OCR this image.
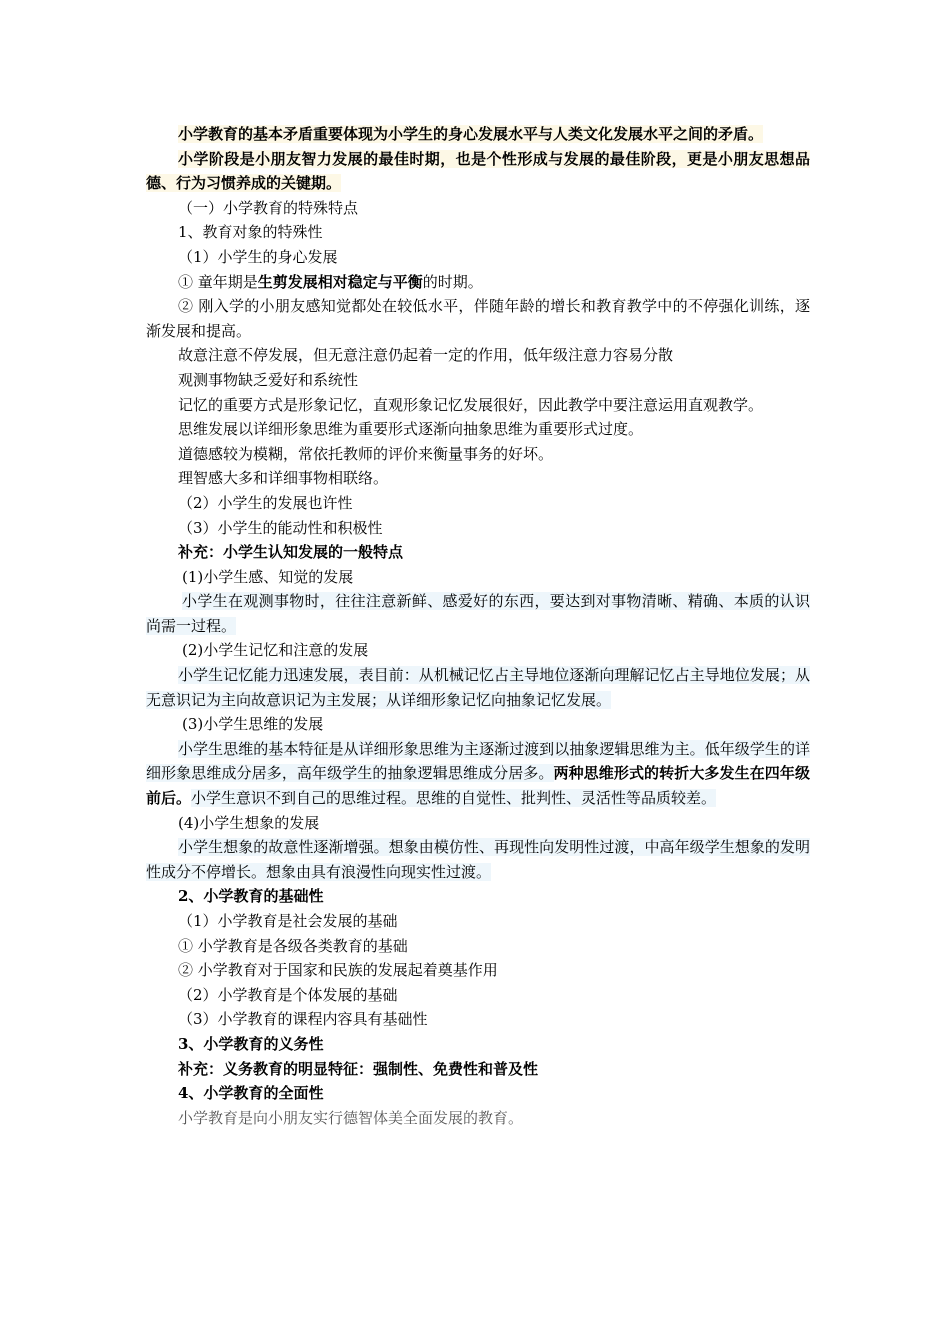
小学教育的基本矛盾重要体现为小学生的身心发展水平与人类文化发展水平之间的矛盾。

小学阶段是小朋友智力发展的最佳时期，也是个性形成与发展的最佳阶段，更是小朋友思想品德、行为习惯养成的关键期。

（一）小学教育的特殊特点

1、教育对象的特殊性

（1）小学生的身心发展

① 童年期是生剪发展相对稳定与平衡的时期。

② 刚入学的小朋友感知觉都处在较低水平，伴随年龄的增长和教育教学中的不停强化训练，逐渐发展和提高。

故意注意不停发展，但无意注意仍起着一定的作用，低年级注意力容易分散

观测事物缺乏爱好和系统性

记忆的重要方式是形象记忆，直观形象记忆发展很好，因此教学中要注意运用直观教学。

思维发展以详细形象思维为重要形式逐渐向抽象思维为重要形式过度。

道德感较为模糊，常依托教师的评价来衡量事务的好坏。

理智感大多和详细事物相联络。

（2）小学生的发展也许性

（3）小学生的能动性和积极性

补充：小学生认知发展的一般特点

(1)小学生感、知觉的发展

小学生在观测事物时，往往注意新鲜、感爱好的东西，要达到对事物清晰、精确、本质的认识尚需一过程。

(2)小学生记忆和注意的发展

小学生记忆能力迅速发展，表目前：从机械记忆占主导地位逐渐向理解记忆占主导地位发展；从无意识记为主向故意识记为主发展；从详细形象记忆向抽象记忆发展。

(3)小学生思维的发展

小学生思维的基本特征是从详细形象思维为主逐渐过渡到以抽象逻辑思维为主。低年级学生的详细形象思维成分居多，高年级学生的抽象逻辑思维成分居多。两种思维形式的转折大多发生在四年级前后。小学生意识不到自己的思维过程。思维的自觉性、批判性、灵活性等品质较差。

(4)小学生想象的发展

小学生想象的故意性逐渐增强。想象由模仿性、再现性向发明性过渡，中高年级学生想象的发明性成分不停增长。想象由具有浪漫性向现实性过渡。

2、小学教育的基础性

（1）小学教育是社会发展的基础

① 小学教育是各级各类教育的基础

② 小学教育对于国家和民族的发展起着奠基作用

（2）小学教育是个体发展的基础

（3）小学教育的课程内容具有基础性

3、小学教育的义务性

补充：义务教育的明显特征：强制性、免费性和普及性

4、小学教育的全面性

小学教育是向小朋友实行德智体美全面发展的教育。
